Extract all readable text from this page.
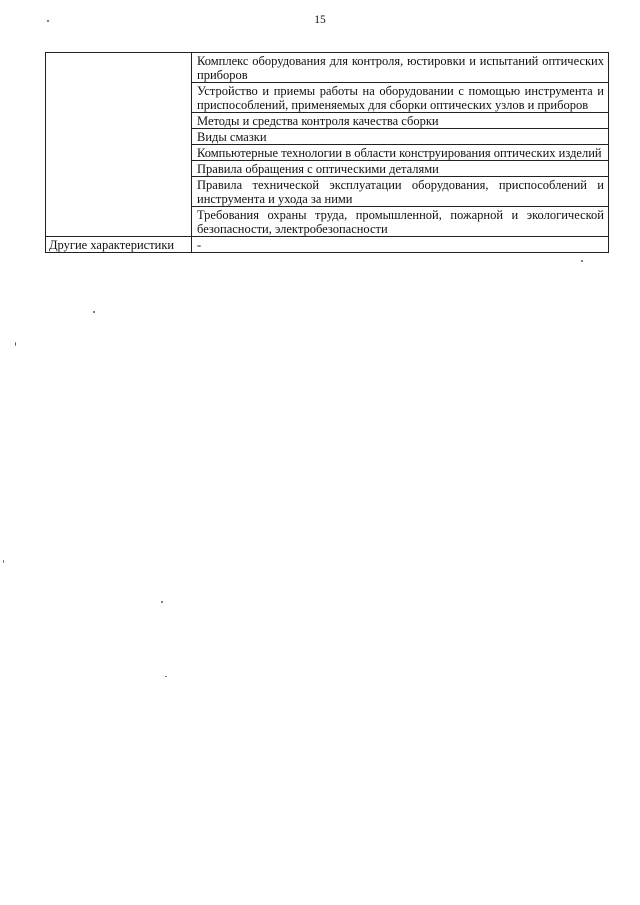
15
	Комплекс оборудования для контроля, юстировки и испытаний оптических приборов
	Устройство и приемы работы на оборудовании с помощью инструмента и приспособлений, применяемых для сборки оптических узлов и приборов
	Методы и средства контроля качества сборки
	Виды смазки
	Компьютерные технологии в области конструирования оптических изделий
	Правила обращения с оптическими деталями
	Правила технической эксплуатации оборудования, приспособлений и инструмента и ухода за ними
	Требования охраны труда, промышленной, пожарной и экологической безопасности, электробезопасности
Другие характеристики	-
